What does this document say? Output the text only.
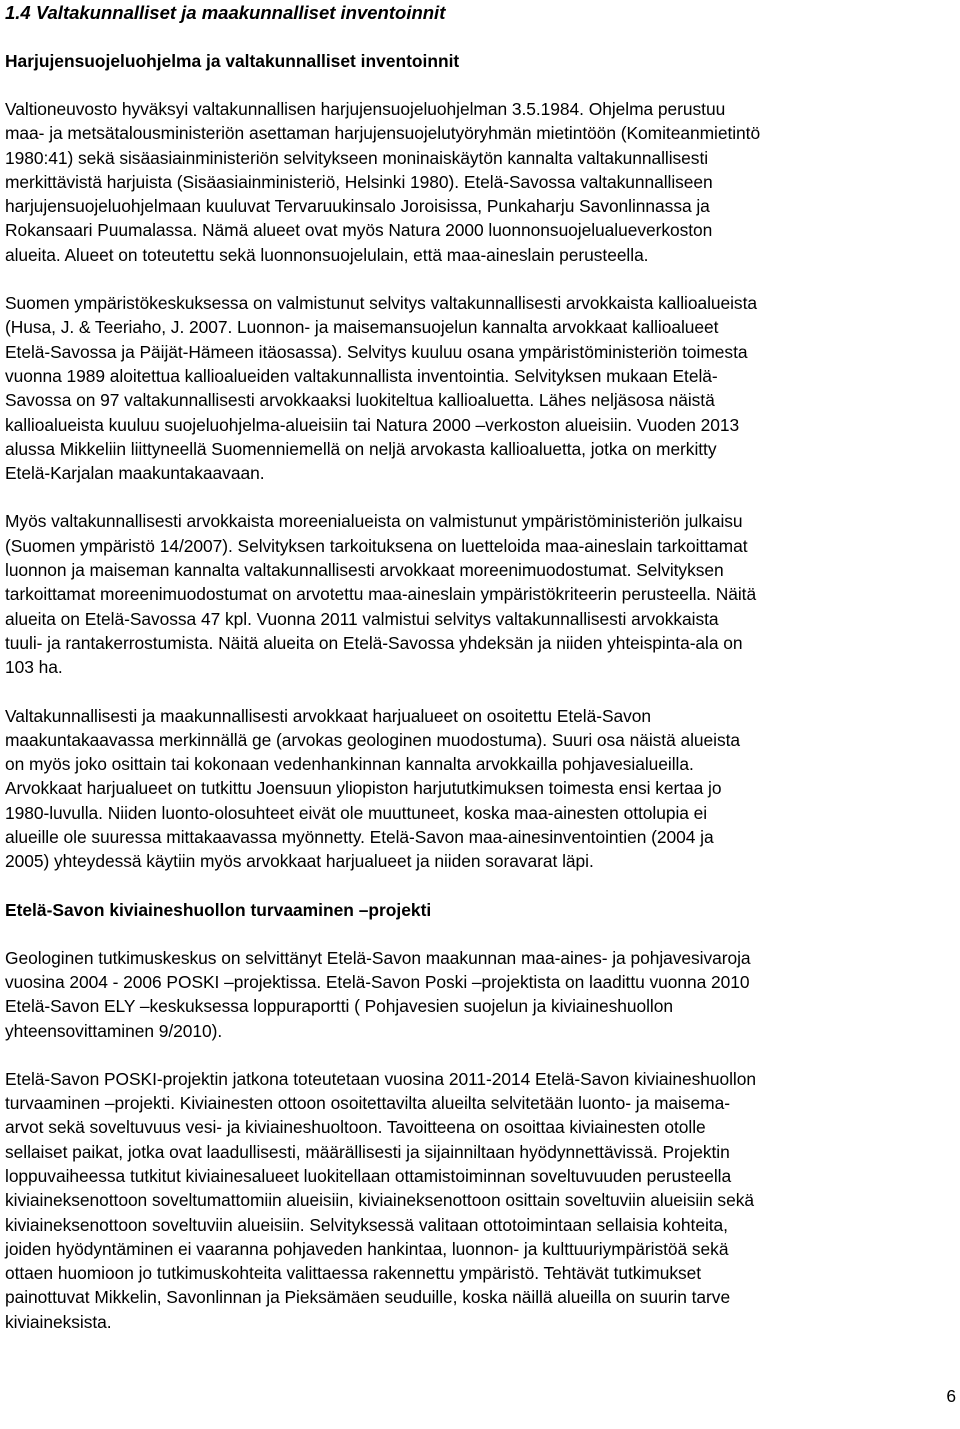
1.4 Valtakunnalliset ja maakunnalliset inventoinnit
Harjujensuojeluohjelma ja valtakunnalliset inventoinnit
Valtioneuvosto hyväksyi valtakunnallisen harjujensuojeluohjelman 3.5.1984. Ohjelma perustuu
maa- ja metsätalousministeriön asettaman harjujensuojelutyöryhmän mietintöön (Komiteanmietintö
1980:41) sekä sisäasiainministeriön selvitykseen moninaiskäytön kannalta valtakunnallisesti
merkittävistä harjuista (Sisäasiainministeriö, Helsinki 1980). Etelä-Savossa valtakunnalliseen
harjujensuojeluohjelmaan kuuluvat Tervaruukinsalo Joroisissa, Punkaharju Savonlinnassa ja
Rokansaari Puumalassa. Nämä alueet ovat myös Natura 2000 luonnonsuojelualueverkoston
alueita. Alueet on toteutettu sekä luonnonsuojelulain, että maa-aineslain perusteella.
Suomen ympäristökeskuksessa on valmistunut selvitys valtakunnallisesti arvokkaista kallioalueista
(Husa, J. & Teeriaho, J. 2007. Luonnon- ja maisemansuojelun kannalta arvokkaat kallioalueet
Etelä-Savossa ja Päijät-Hämeen itäosassa). Selvitys kuuluu osana ympäristöministeriön toimesta
vuonna 1989 aloitettua kallioalueiden valtakunnallista inventointia. Selvityksen mukaan Etelä-
Savossa on 97 valtakunnallisesti arvokkaaksi luokiteltua kallioaluetta. Lähes neljäsosa näistä
kallioalueista kuuluu suojeluohjelma-alueisiin tai Natura 2000 –verkoston alueisiin. Vuoden 2013
alussa Mikkeliin liittyneellä Suomenniemellä on neljä arvokasta kallioaluetta, jotka on merkitty
Etelä-Karjalan maakuntakaavaan.
Myös valtakunnallisesti arvokkaista moreenialueista on valmistunut ympäristöministeriön julkaisu
(Suomen ympäristö 14/2007). Selvityksen tarkoituksena on luetteloida maa-aineslain tarkoittamat
luonnon ja maiseman kannalta valtakunnallisesti arvokkaat moreenimuodostumat. Selvityksen
tarkoittamat moreenimuodostumat on arvotettu maa-aineslain ympäristökriteerin perusteella. Näitä
alueita on Etelä-Savossa 47 kpl. Vuonna 2011 valmistui selvitys valtakunnallisesti arvokkaista
tuuli- ja rantakerrostumista. Näitä alueita on Etelä-Savossa yhdeksän ja niiden yhteispinta-ala on
103 ha.
Valtakunnallisesti ja maakunnallisesti arvokkaat harjualueet on osoitettu Etelä-Savon
maakuntakaavassa merkinnällä ge (arvokas geologinen muodostuma). Suuri osa näistä alueista
on myös joko osittain tai kokonaan vedenhankinnan kannalta arvokkailla pohjavesialueilla.
Arvokkaat harjualueet on tutkittu Joensuun yliopiston harjututkimuksen toimesta ensi kertaa jo
1980-luvulla. Niiden luonto-olosuhteet eivät ole muuttuneet, koska maa-ainesten ottolupia ei
alueille ole suuressa mittakaavassa myönnetty. Etelä-Savon maa-ainesinventointien (2004 ja
2005) yhteydessä käytiin myös arvokkaat harjualueet ja niiden soravarat läpi.
Etelä-Savon kiviaineshuollon turvaaminen –projekti
Geologinen tutkimuskeskus on selvittänyt Etelä-Savon maakunnan maa-aines- ja pohjavesivaroja
vuosina 2004 - 2006 POSKI –projektissa. Etelä-Savon Poski –projektista on laadittu vuonna 2010
Etelä-Savon ELY –keskuksessa loppuraportti ( Pohjavesien suojelun ja kiviaineshuollon
yhteensovittaminen 9/2010).
Etelä-Savon POSKI-projektin jatkona toteutetaan vuosina 2011-2014 Etelä-Savon kiviaineshuollon
turvaaminen –projekti. Kiviainesten ottoon osoitettavilta alueilta selvitetään luonto- ja maisema-
arvot sekä soveltuvuus vesi- ja kiviaineshuoltoon. Tavoitteena on osoittaa kiviainesten otolle
sellaiset paikat, jotka ovat laadullisesti, määrällisesti ja sijainniltaan hyödynnettävissä. Projektin
loppuvaiheessa tutkitut kiviainesalueet luokitellaan ottamistoiminnan soveltuvuuden perusteella
kiviaineksenottoon soveltumattomiin alueisiin, kiviaineksenottoon osittain soveltuviin alueisiin sekä
kiviaineksenottoon soveltuviin alueisiin. Selvityksessä valitaan ottotoimintaan sellaisia kohteita,
joiden hyödyntäminen ei vaaranna pohjaveden hankintaa, luonnon- ja kulttuuriympäristöä sekä
ottaen huomioon jo tutkimuskohteita valittaessa rakennettu ympäristö. Tehtävät tutkimukset
painottuvat Mikkelin, Savonlinnan ja Pieksämäen seuduille, koska näillä alueilla on suurin tarve
kiviaineksista.
6
